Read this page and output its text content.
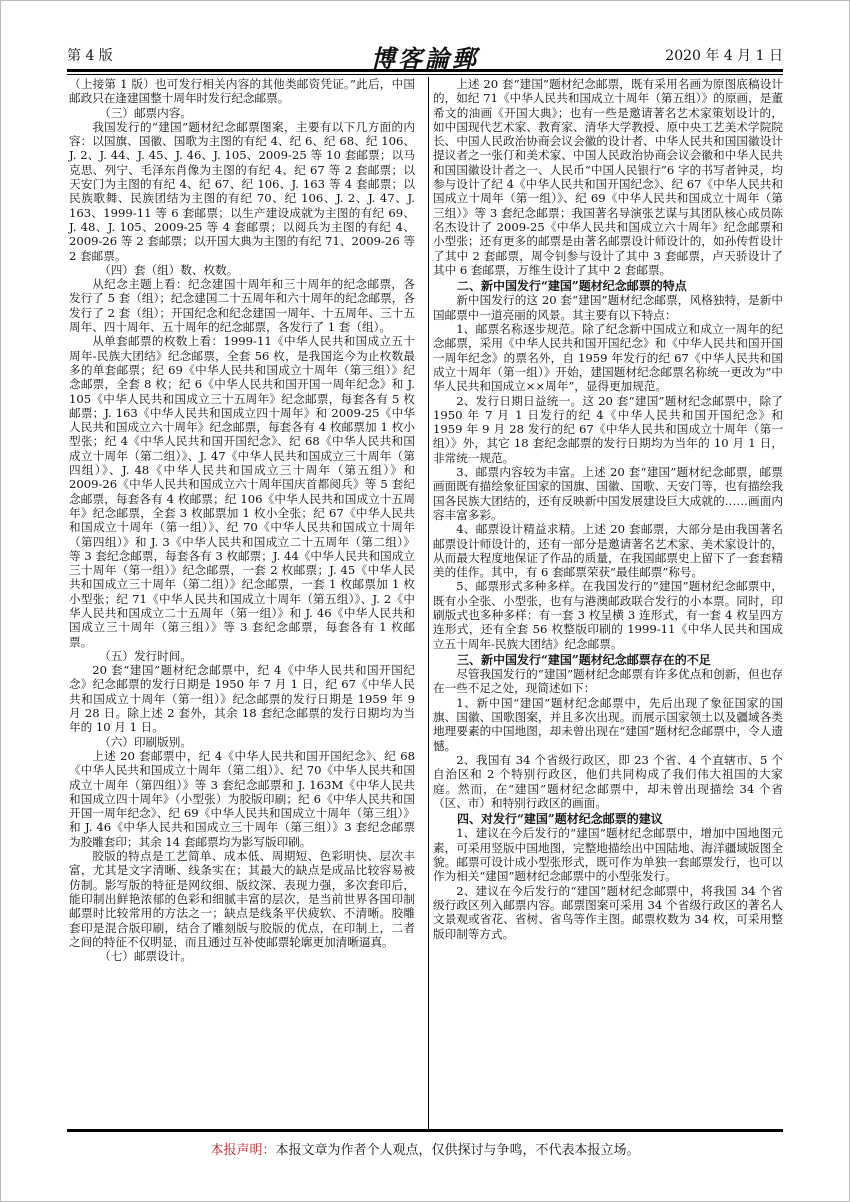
第 4 版	博客論郵	2020 年 4 月 1 日

（上接第 1 版）也可发行相关内容的其他类邮资凭证。”此后，中国邮政只在逢建国整十周年时发行纪念邮票。

（三）邮票内容。

我国发行的“建国”题材纪念邮票图案，主要有以下几方面的内容：以国旗、国徽、国歌为主图的有纪 4、纪 6、纪 68、纪 106、J. 2、J. 44、J. 45、J. 46、J. 105、2009-25 等 10 套邮票；以马克思、列宁、毛泽东肖像为主图的有纪 4、纪 67 等 2 套邮票；以天安门为主图的有纪 4、纪 67、纪 106、J. 163 等 4 套邮票；以民族歌舞、民族团结为主图的有纪 70、纪 106、J. 2、J. 47、J. 163、1999-11 等 6 套邮票；以生产建设成就为主图的有纪 69、J. 48、J. 105、2009-25 等 4 套邮票；以阅兵为主图的有纪 4、2009-26 等 2 套邮票；以开国大典为主图的有纪 71、2009-26 等 2 套邮票。

（四）套（组）数、枚数。

从纪念主题上看：纪念建国十周年和三十周年的纪念邮票，各发行了 5 套（组）；纪念建国二十五周年和六十周年的纪念邮票，各发行了 2 套（组）；开国纪念和纪念建国一周年、十五周年、三十五周年、四十周年、五十周年的纪念邮票，各发行了 1 套（组）。

从单套邮票的枚数上看：1999-11《中华人民共和国成立五十周年-民族大团结》纪念邮票，全套 56 枚，是我国迄今为止枚数最多的单套邮票；纪 69《中华人民共和国成立十周年（第三组）》纪念邮票，全套 8 枚；纪 6《中华人民共和国开国一周年纪念》和 J. 105《中华人民共和国成立三十五周年》纪念邮票，每套各有 5 枚邮票；J. 163《中华人民共和国成立四十周年》和 2009-25《中华人民共和国成立六十周年》纪念邮票，每套各有 4 枚邮票加 1 枚小型张；纪 4《中华人民共和国开国纪念》、纪 68《中华人民共和国成立十周年（第二组）》、J. 47《中华人民共和国成立三十周年（第四组）》、J. 48《中华人民共和国成立三十周年（第五组）》和 2009-26《中华人民共和国成立六十周年国庆首都阅兵》等 5 套纪念邮票，每套各有 4 枚邮票；纪 106《中华人民共和国成立十五周年》纪念邮票，全套 3 枚邮票加 1 枚小全张；纪 67《中华人民共和国成立十周年（第一组）》、纪 70《中华人民共和国成立十周年（第四组）》和 J. 3《中华人民共和国成立二十五周年（第二组）》等 3 套纪念邮票，每套各有 3 枚邮票；J. 44《中华人民共和国成立三十周年（第一组）》纪念邮票，一套 2 枚邮票；J. 45《中华人民共和国成立三十周年（第二组）》纪念邮票，一套 1 枚邮票加 1 枚小型张；纪 71《中华人民共和国成立十周年（第五组）》、J. 2《中华人民共和国成立二十五周年（第一组）》和 J. 46《中华人民共和国成立三十周年（第三组）》等 3 套纪念邮票，每套各有 1 枚邮票。

（五）发行时间。

20 套“建国”题材纪念邮票中，纪 4《中华人民共和国开国纪念》纪念邮票的发行日期是 1950 年 7 月 1 日，纪 67《中华人民共和国成立十周年（第一组）》纪念邮票的发行日期是 1959 年 9 月 28 日。除上述 2 套外，其余 18 套纪念邮票的发行日期均为当年的 10 月 1 日。

（六）印刷版别。

上述 20 套邮票中，纪 4《中华人民共和国开国纪念》、纪 68《中华人民共和国成立十周年（第二组）》、纪 70《中华人民共和国成立十周年（第四组）》等 3 套纪念邮票和 J. 163M《中华人民共和国成立四十周年》（小型张）为胶版印刷；纪 6《中华人民共和国开国一周年纪念》、纪 69《中华人民共和国成立十周年（第三组）》和 J. 46《中华人民共和国成立三十周年（第三组）》3 套纪念邮票为胶雕套印；其余 14 套邮票均为影写版印刷。

胶版的特点是工艺简单、成本低、周期短、色彩明快、层次丰富，尤其是文字清晰、线条实在；其最大的缺点是成品比较容易被仿制。影写版的特征是网纹细、版纹深、表现力强，多次套印后，能印制出鲜艳浓郁的色彩和细腻丰富的层次，是当前世界各国印制邮票时比较常用的方法之一；缺点是线条平伏疲软、不清晰。胶雕套印是混合版印刷，结合了雕刻版与胶版的优点，在印制上，二者之间的特征不仅明显，而且通过互补使邮票轮廓更加清晰逼真。

（七）邮票设计。

上述 20 套“建国”题材纪念邮票，既有采用名画为原图底稿设计的，如纪 71《中华人民共和国成立十周年（第五组）》的原画，是董希文的油画《开国大典》；也有一些是邀请著名艺术家策划设计的，如中国现代艺术家、教育家、清华大学教授、原中央工艺美术学院院长、中国人民政治协商会议会徽的设计者、中华人民共和国国徽设计提议者之一张仃和美术家、中国人民政治协商会议会徽和中华人民共和国国徽设计者之一、人民币“中国人民银行”6 字的书写者钟灵，均参与设计了纪 4《中华人民共和国开国纪念》、纪 67《中华人民共和国成立十周年（第一组）》、纪 69《中华人民共和国成立十周年（第三组）》等 3 套纪念邮票；我国著名导演张艺谋与其团队核心成员陈名杰设计了 2009-25《中华人民共和国成立六十周年》纪念邮票和小型张；还有更多的邮票是由著名邮票设计师设计的，如孙传哲设计了其中 2 套邮票，周令钊参与设计了其中 3 套邮票，卢天骄设计了其中 6 套邮票，万维生设计了其中 2 套邮票。

二、新中国发行“建国”题材纪念邮票的特点

新中国发行的这 20 套“建国”题材纪念邮票，风格独特，是新中国邮票中一道亮丽的风景。其主要有以下特点：

1、邮票名称逐步规范。除了纪念新中国成立和成立一周年的纪念邮票，采用《中华人民共和国开国纪念》和《中华人民共和国开国一周年纪念》的票名外，自 1959 年发行的纪 67《中华人民共和国成立十周年（第一组）》开始，建国题材纪念邮票名称统一更改为“中华人民共和国成立××周年”，显得更加规范。

2、发行日期日益统一。这 20 套“建国”题材纪念邮票中，除了 1950 年 7 月 1 日发行的纪 4《中华人民共和国开国纪念》和 1959 年 9 月 28 发行的纪 67《中华人民共和国成立十周年（第一组）》外，其它 18 套纪念邮票的发行日期均为当年的 10 月 1 日，非常统一规范。

3、邮票内容较为丰富。上述 20 套“建国”题材纪念邮票，邮票画面既有描绘象征国家的国旗、国徽、国歌、天安门等，也有描绘我国各民族大团结的，还有反映新中国发展建设巨大成就的……画面内容丰富多彩。

4、邮票设计精益求精。上述 20 套邮票，大部分是由我国著名邮票设计师设计的，还有一部分是邀请著名艺术家、美术家设计的，从而最大程度地保证了作品的质量，在我国邮票史上留下了一套套精美的佳作。其中，有 6 套邮票荣获“最佳邮票”称号。

5、邮票形式多种多样。在我国发行的“建国”题材纪念邮票中，既有小全张、小型张，也有与港澳邮政联合发行的小本票。同时，印刷版式也多种多样：有一套 3 枚呈横 3 连形式，有一套 4 枚呈四方连形式，还有全套 56 枚整版印刷的 1999-11《中华人民共和国成立五十周年-民族大团结》纪念邮票。

三、新中国发行“建国”题材纪念邮票存在的不足

尽管我国发行的“建国”题材纪念邮票有许多优点和创新，但也存在一些不足之处，现简述如下：

1、新中国“建国”题材纪念邮票中，先后出现了象征国家的国旗、国徽、国歌图案，并且多次出现。而展示国家领土以及疆域各类地理要素的中国地图，却未曾出现在“建国”题材纪念邮票中，令人遗憾。

2、我国有 34 个省级行政区，即 23 个省、4 个直辖市、5 个自治区和 2 个特别行政区，他们共同构成了我们伟大祖国的大家庭。然而，在“建国”题材纪念邮票中，却未曾出现描绘 34 个省（区、市）和特别行政区的画面。

四、对发行“建国”题材纪念邮票的建议

1、建议在今后发行的“建国”题材纪念邮票中，增加中国地图元素，可采用竖版中国地图，完整地描绘出中国陆地、海洋疆域版图全貌。邮票可设计成小型张形式，既可作为单独一套邮票发行，也可以作为相关“建国”题材纪念邮票中的小型张发行。

2、建议在今后发行的“建国”题材纪念邮票中，将我国 34 个省级行政区列入邮票内容。邮票图案可采用 34 个省级行政区的著名人文景观或省花、省树、省鸟等作主图。邮票枚数为 34 枚，可采用整版印制等方式。

本报声明：本报文章为作者个人观点，仅供探讨与争鸣，不代表本报立场。
